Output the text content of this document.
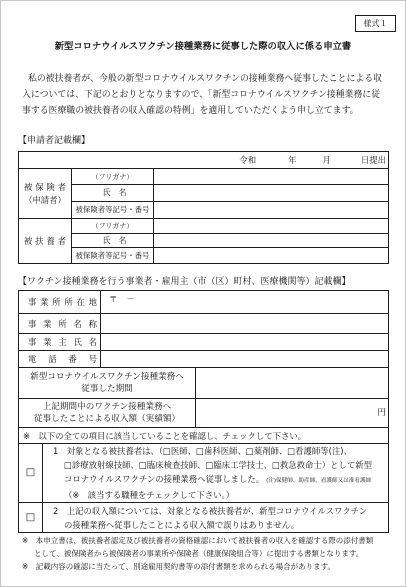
様式１
新型コロナウイルスワクチン接種業務に従事した際の収入に係る申立書
私の被扶養者が、今般の新型コロナウイルスワクチンの接種業務へ従事したことによる収
入については、下記のとおりとなりますので、「新型コロナウイルスワクチン接種業務に従
事する医療職の被扶養者の収入確認の特例」を適用していただくよう申し立てます。
【申請者記載欄】
令和 年 月 日提出		

被保険者
（申請者）	（フリガナ）	
	氏　名	
	被保険者等記号・番号	

被扶養者	（フリガナ）	
	氏　名	
	被保険者等記号・番号	
【ワクチン接種業務を行う事業者・雇用主（市（区）町村、医療機関等）記載欄】
事業所所在地		〒 －	

事業所名称			

事業主氏名			

電話番号			

新型コロナウイルスワクチン接種業務へ
従事した期間			

上記期間中のワクチン接種業務へ
従事したことによる収入額（実績額）			円
※　以下の全ての項目に該当していることを確認し、チェックして下さい。			
□	1　対象となる被扶養者は、（□医師、□歯科医師、□薬剤師、□看護師等(注)、
□診療放射線技師、□臨床検査技師、□臨床工学技士、□救急救命士）として新型
コロナウイルスワクチンの接種業務へ従事しました。 (注)保健師、助産師、看護師又は准看護師
（※　該当する職種をチェックして下さい。）		

□	2　上記の収入額については、対象となる被扶養者が、新型コロナウイルスワクチン
の接種業務へ従事したことによる収入額で誤りはありません。		
※　本申立書は、被扶養者認定及び被扶養者の資格確認において被扶養者の収入を確認する際の添付書類
として、被保険者から被保険者の事業所や保険者（健康保険組合等）に提出する書類となります。
※　記載内容の確認に当たって、別途雇用契約書等の添付書類を求められる場合があります。
